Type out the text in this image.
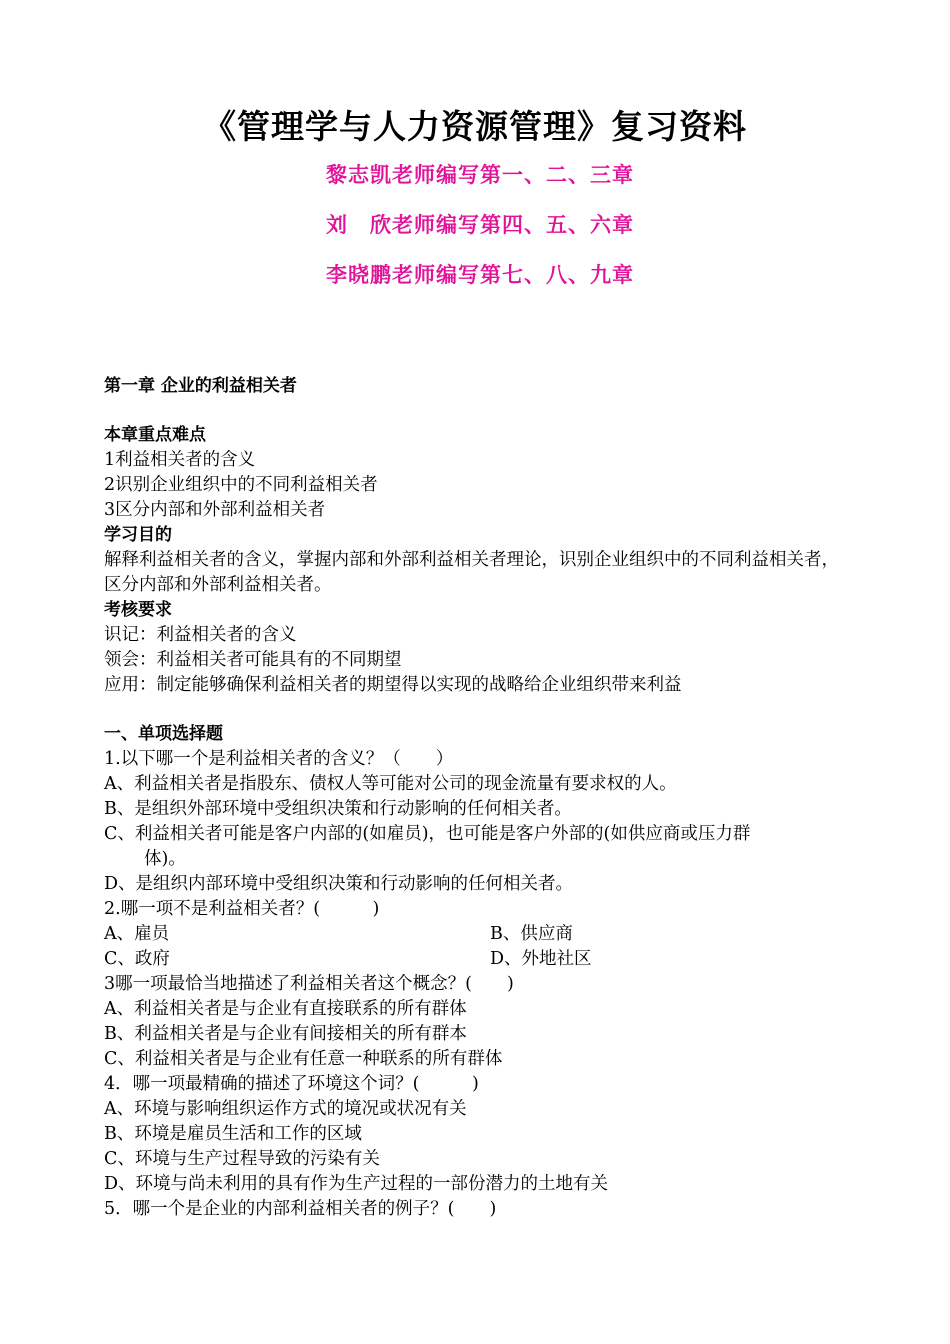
《管理学与人力资源管理》复习资料
黎志凯老师编写第一、二、三章
刘　欣老师编写第四、五、六章
李晓鹏老师编写第七、八、九章
第一章 企业的利益相关者
本章重点难点
1利益相关者的含义
2识别企业组织中的不同利益相关者
3区分内部和外部利益相关者
学习目的
解释利益相关者的含义，掌握内部和外部利益相关者理论，识别企业组织中的不同利益相关者，
区分内部和外部利益相关者。
考核要求
识记：利益相关者的含义
领会：利益相关者可能具有的不同期望
应用：制定能够确保利益相关者的期望得以实现的战略给企业组织带来利益
一、单项选择题
1.以下哪一个是利益相关者的含义？（　　）
A、利益相关者是指股东、债权人等可能对公司的现金流量有要求权的人。
B、是组织外部环境中受组织决策和行动影响的任何相关者。
C、利益相关者可能是客户内部的(如雇员)，也可能是客户外部的(如供应商或压力群
体)。
D、是组织内部环境中受组织决策和行动影响的任何相关者。
2.哪一项不是利益相关者？(　　　)
A、雇员	B、供应商
C、政府	D、外地社区
3哪一项最恰当地描述了利益相关者这个概念？(　　)
A、利益相关者是与企业有直接联系的所有群体
B、利益相关者是与企业有间接相关的所有群本
C、利益相关者是与企业有任意一种联系的所有群体
4．哪一项最精确的描述了环境这个词？(　　　)
A、环境与影响组织运作方式的境况或状况有关
B、环境是雇员生活和工作的区域
C、环境与生产过程导致的污染有关
D、环境与尚未利用的具有作为生产过程的一部份潜力的土地有关
5．哪一个是企业的内部利益相关者的例子？(　　)
